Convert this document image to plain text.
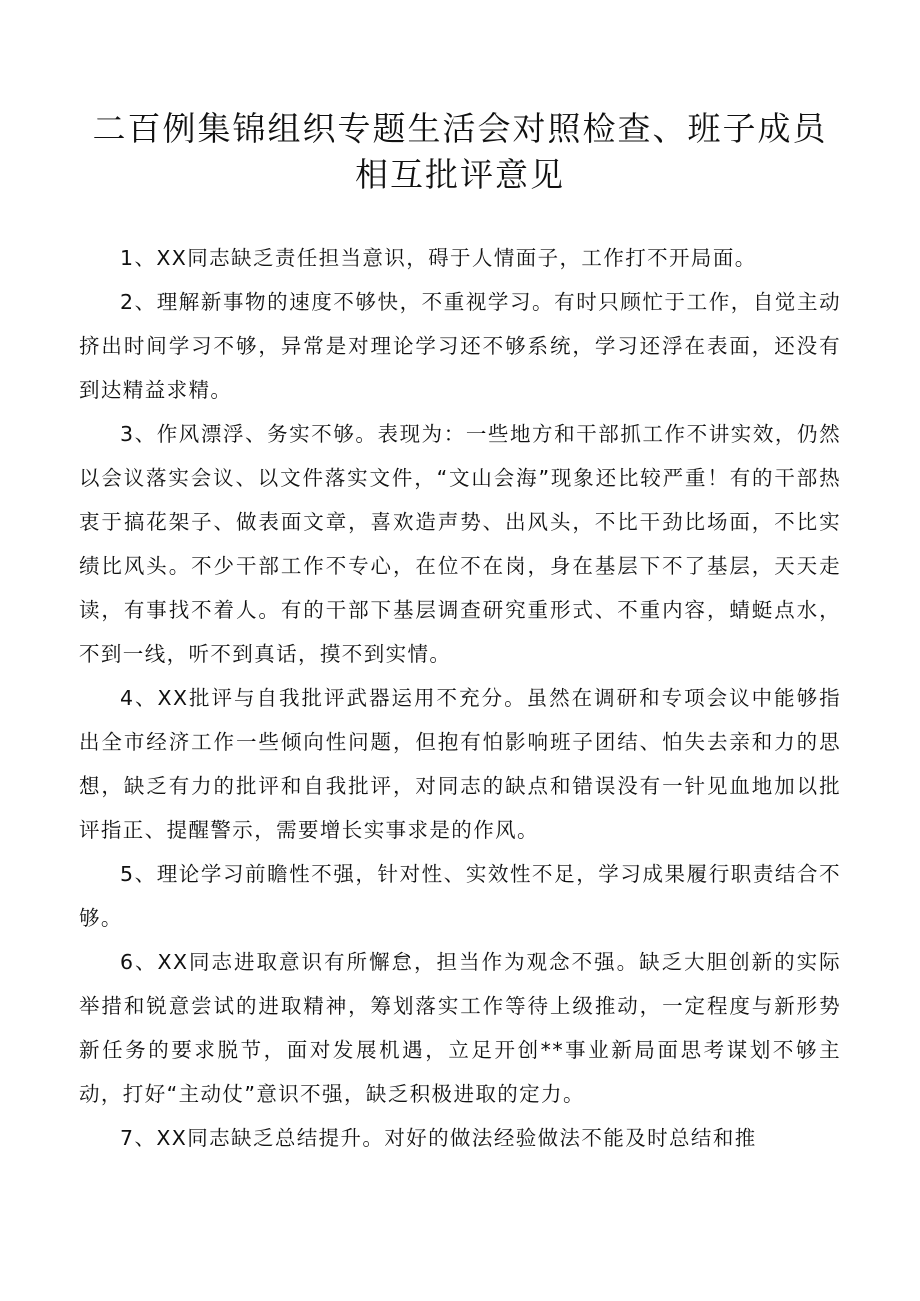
二百例集锦组织专题生活会对照检查、班子成员相互批评意见

1、XX同志缺乏责任担当意识，碍于人情面子，工作打不开局面。

2、理解新事物的速度不够快，不重视学习。有时只顾忙于工作，自觉主动挤出时间学习不够，异常是对理论学习还不够系统，学习还浮在表面，还没有到达精益求精。

3、作风漂浮、务实不够。表现为：一些地方和干部抓工作不讲实效，仍然以会议落实会议、以文件落实文件，“文山会海”现象还比较严重！有的干部热衷于搞花架子、做表面文章，喜欢造声势、出风头，不比干劲比场面，不比实绩比风头。不少干部工作不专心，在位不在岗，身在基层下不了基层，天天走读，有事找不着人。有的干部下基层调查研究重形式、不重内容，蜻蜓点水，不到一线，听不到真话，摸不到实情。

4、XX批评与自我批评武器运用不充分。虽然在调研和专项会议中能够指出全市经济工作一些倾向性问题，但抱有怕影响班子团结、怕失去亲和力的思想，缺乏有力的批评和自我批评，对同志的缺点和错误没有一针见血地加以批评指正、提醒警示，需要增长实事求是的作风。

5、理论学习前瞻性不强，针对性、实效性不足，学习成果履行职责结合不够。

6、XX同志进取意识有所懈怠，担当作为观念不强。缺乏大胆创新的实际举措和锐意尝试的进取精神，筹划落实工作等待上级推动，一定程度与新形势新任务的要求脱节，面对发展机遇，立足开创**事业新局面思考谋划不够主动，打好“主动仗”意识不强，缺乏积极进取的定力。

7、XX同志缺乏总结提升。对好的做法经验做法不能及时总结和推
